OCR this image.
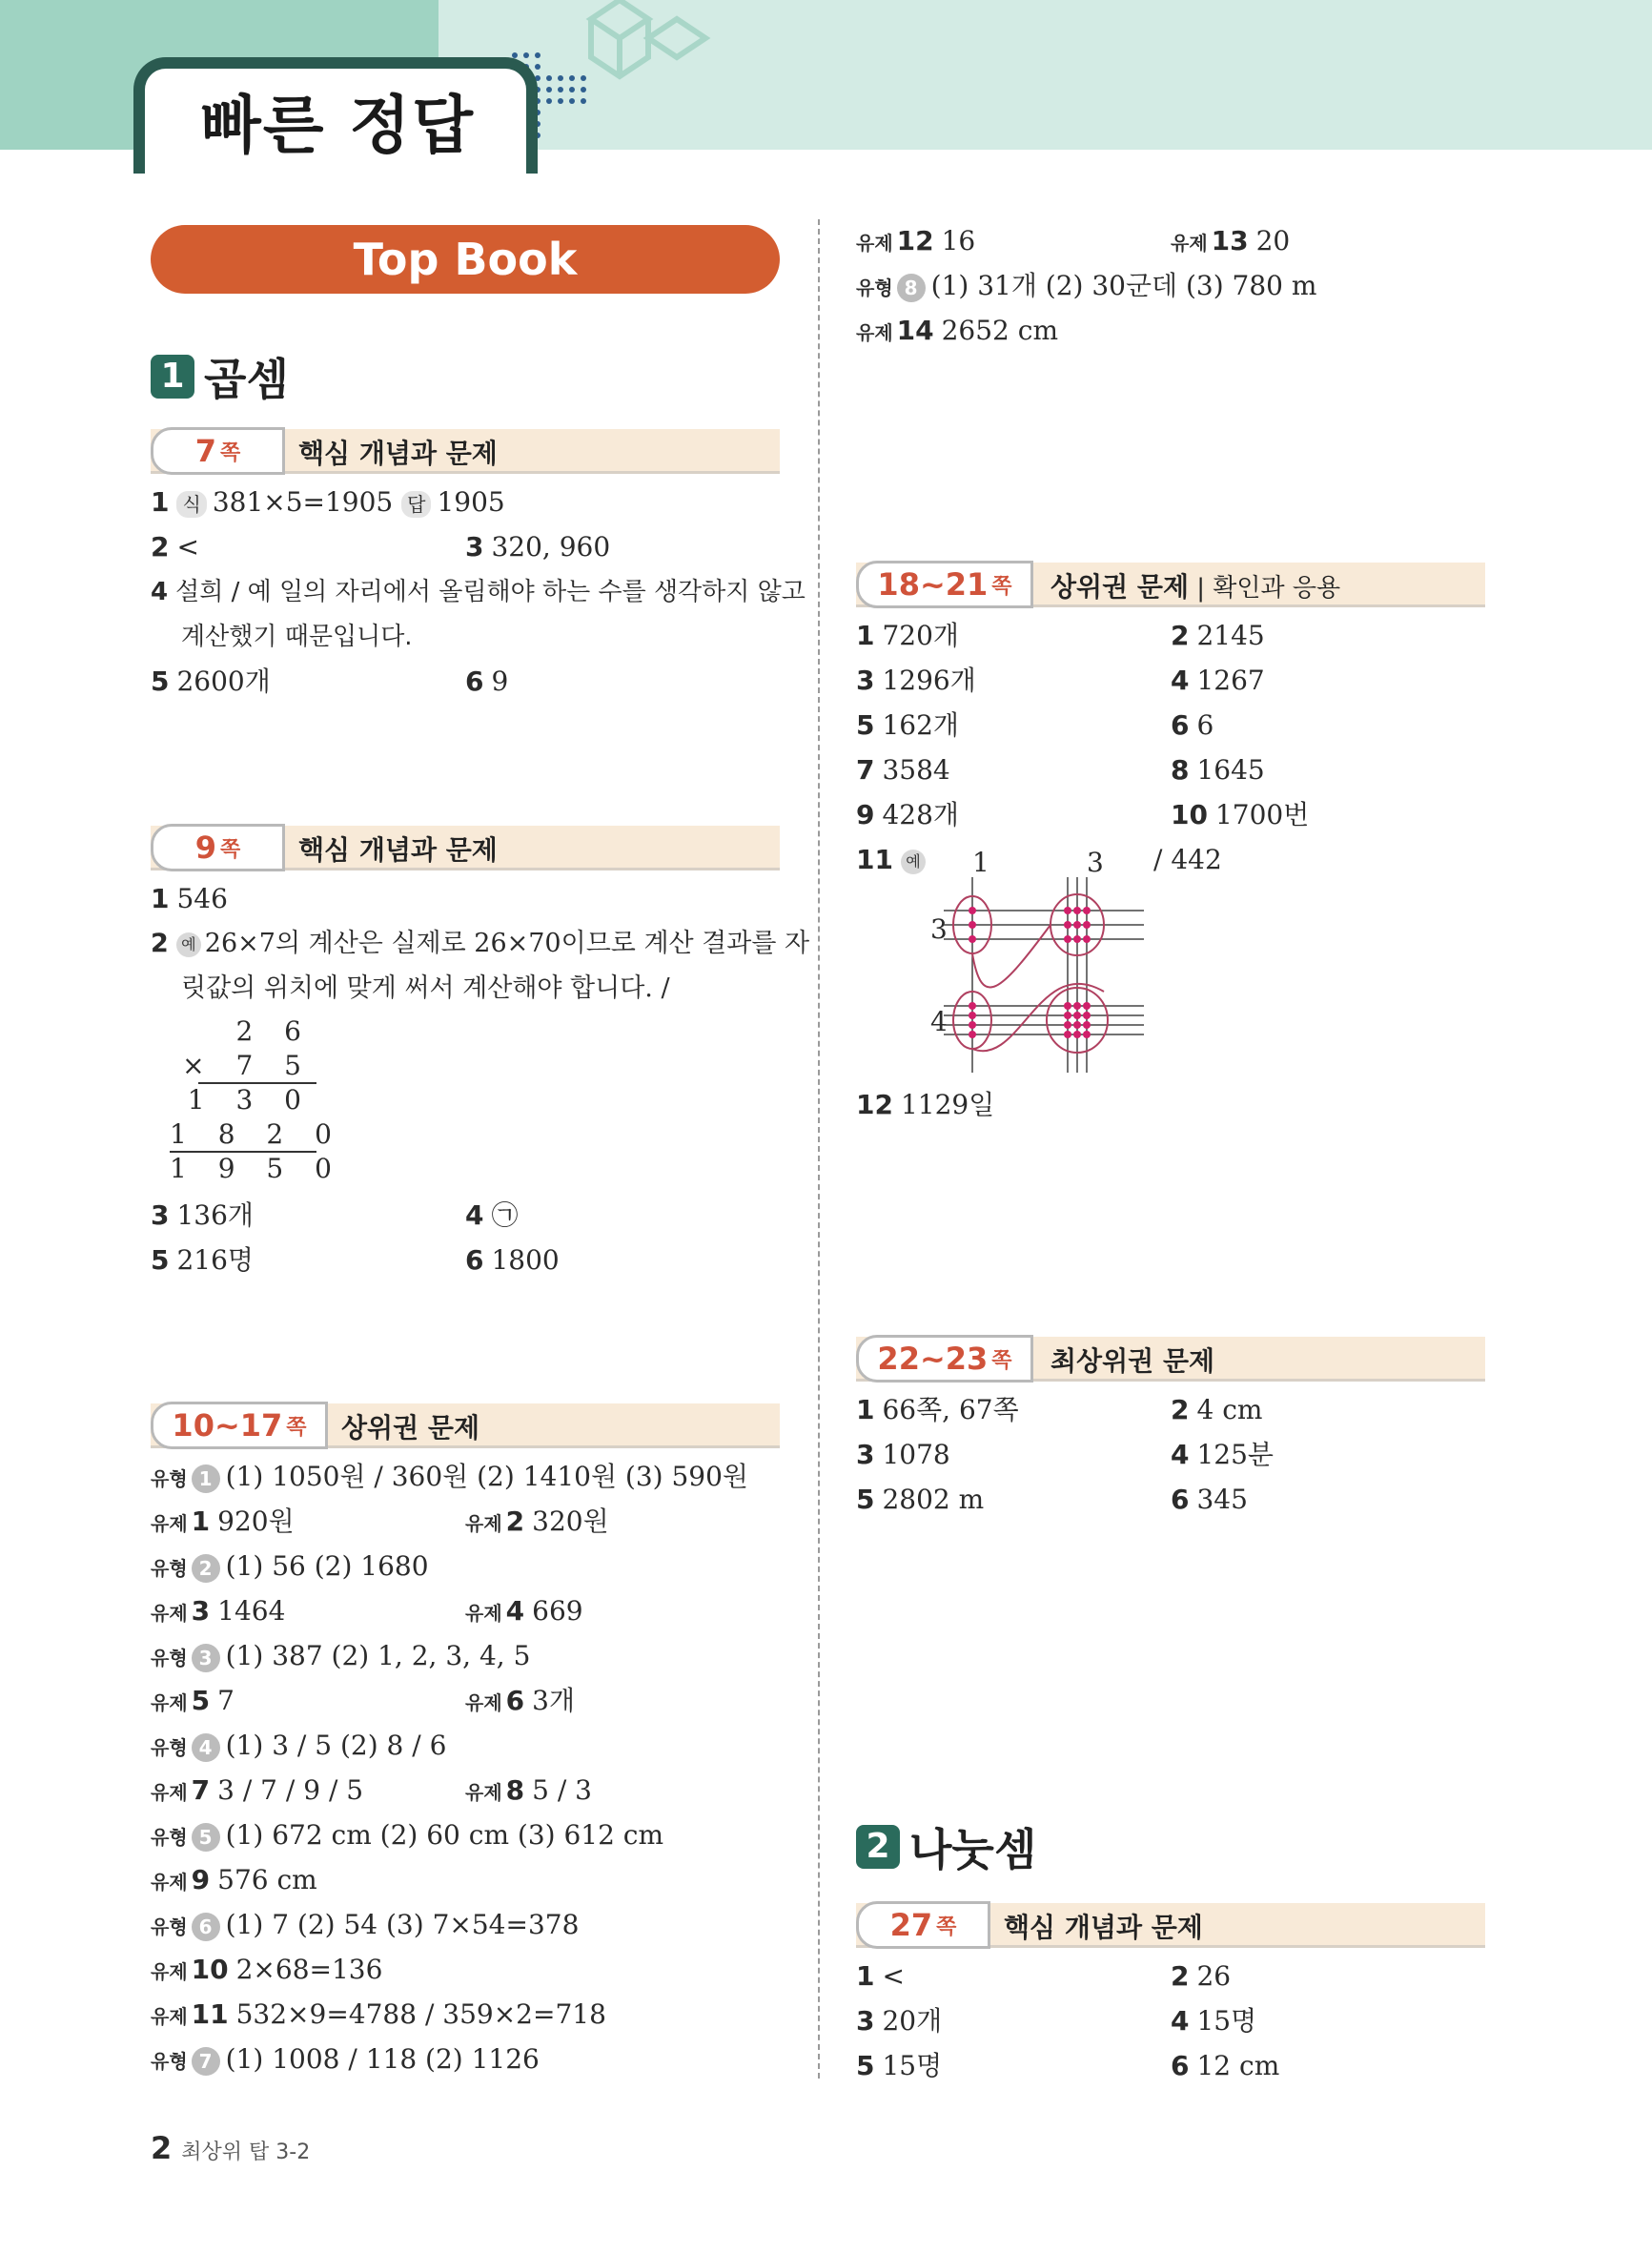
빠른 정답
Top Book
1 곱셈
7 쪽 핵심 개념과 문제
1 식 381×5=1905 답 1905
2 <	3 320, 960
4 설희 / 예 일의 자리에서 올림해야 하는 수를 생각하지 않고
계산했기 때문입니다.
5 2600개	6 9
9 쪽 핵심 개념과 문제
1 546
2 예 26×7의 계산은 실제로 26×70이므로 계산 결과를 자
릿값의 위치에 맞게 써서 계산해야 합니다. /
2 6
× 7 5
1 3 0
1 8 2 0
1 9 5 0
3 136개	4 ㉠
5 216명	6 1800
10~17 쪽 상위권 문제
유형 1 (1) 1050원 / 360원 (2) 1410원 (3) 590원
유제 1 920원	유제 2 320원
유형 2 (1) 56 (2) 1680
유제 3 1464	유제 4 669
유형 3 (1) 387 (2) 1, 2, 3, 4, 5
유제 5 7	유제 6 3개
유형 4 (1) 3 / 5 (2) 8 / 6
유제 7 3 / 7 / 9 / 5	유제 8 5 / 3
유형 5 (1) 672 cm (2) 60 cm (3) 612 cm
유제 9 576 cm
유형 6 (1) 7 (2) 54 (3) 7×54=378
유제 10 2×68=136
유제 11 532×9=4788 / 359×2=718
유형 7 (1) 1008 / 118 (2) 1126
유제 12 16	유제 13 20
유형 8 (1) 31개 (2) 30군데 (3) 780 m
유제 14 2652 cm
18~21 쪽 상위권 문제 | 확인과 응용
1 720개	2 2145
3 1296개	4 1267
5 162개	6 6
7 3584	8 1645
9 428개	10 1700번
11 예	1	3 / 442
3
4
12 1129일
22~23 쪽 최상위권 문제
1 66쪽, 67쪽	2 4 cm
3 1078	4 125분
5 2802 m	6 345
2 나눗셈
27 쪽 핵심 개념과 문제
1 <	2 26
3 20개	4 15명
5 15명	6 12 cm
2 최상위 탑 3-2
